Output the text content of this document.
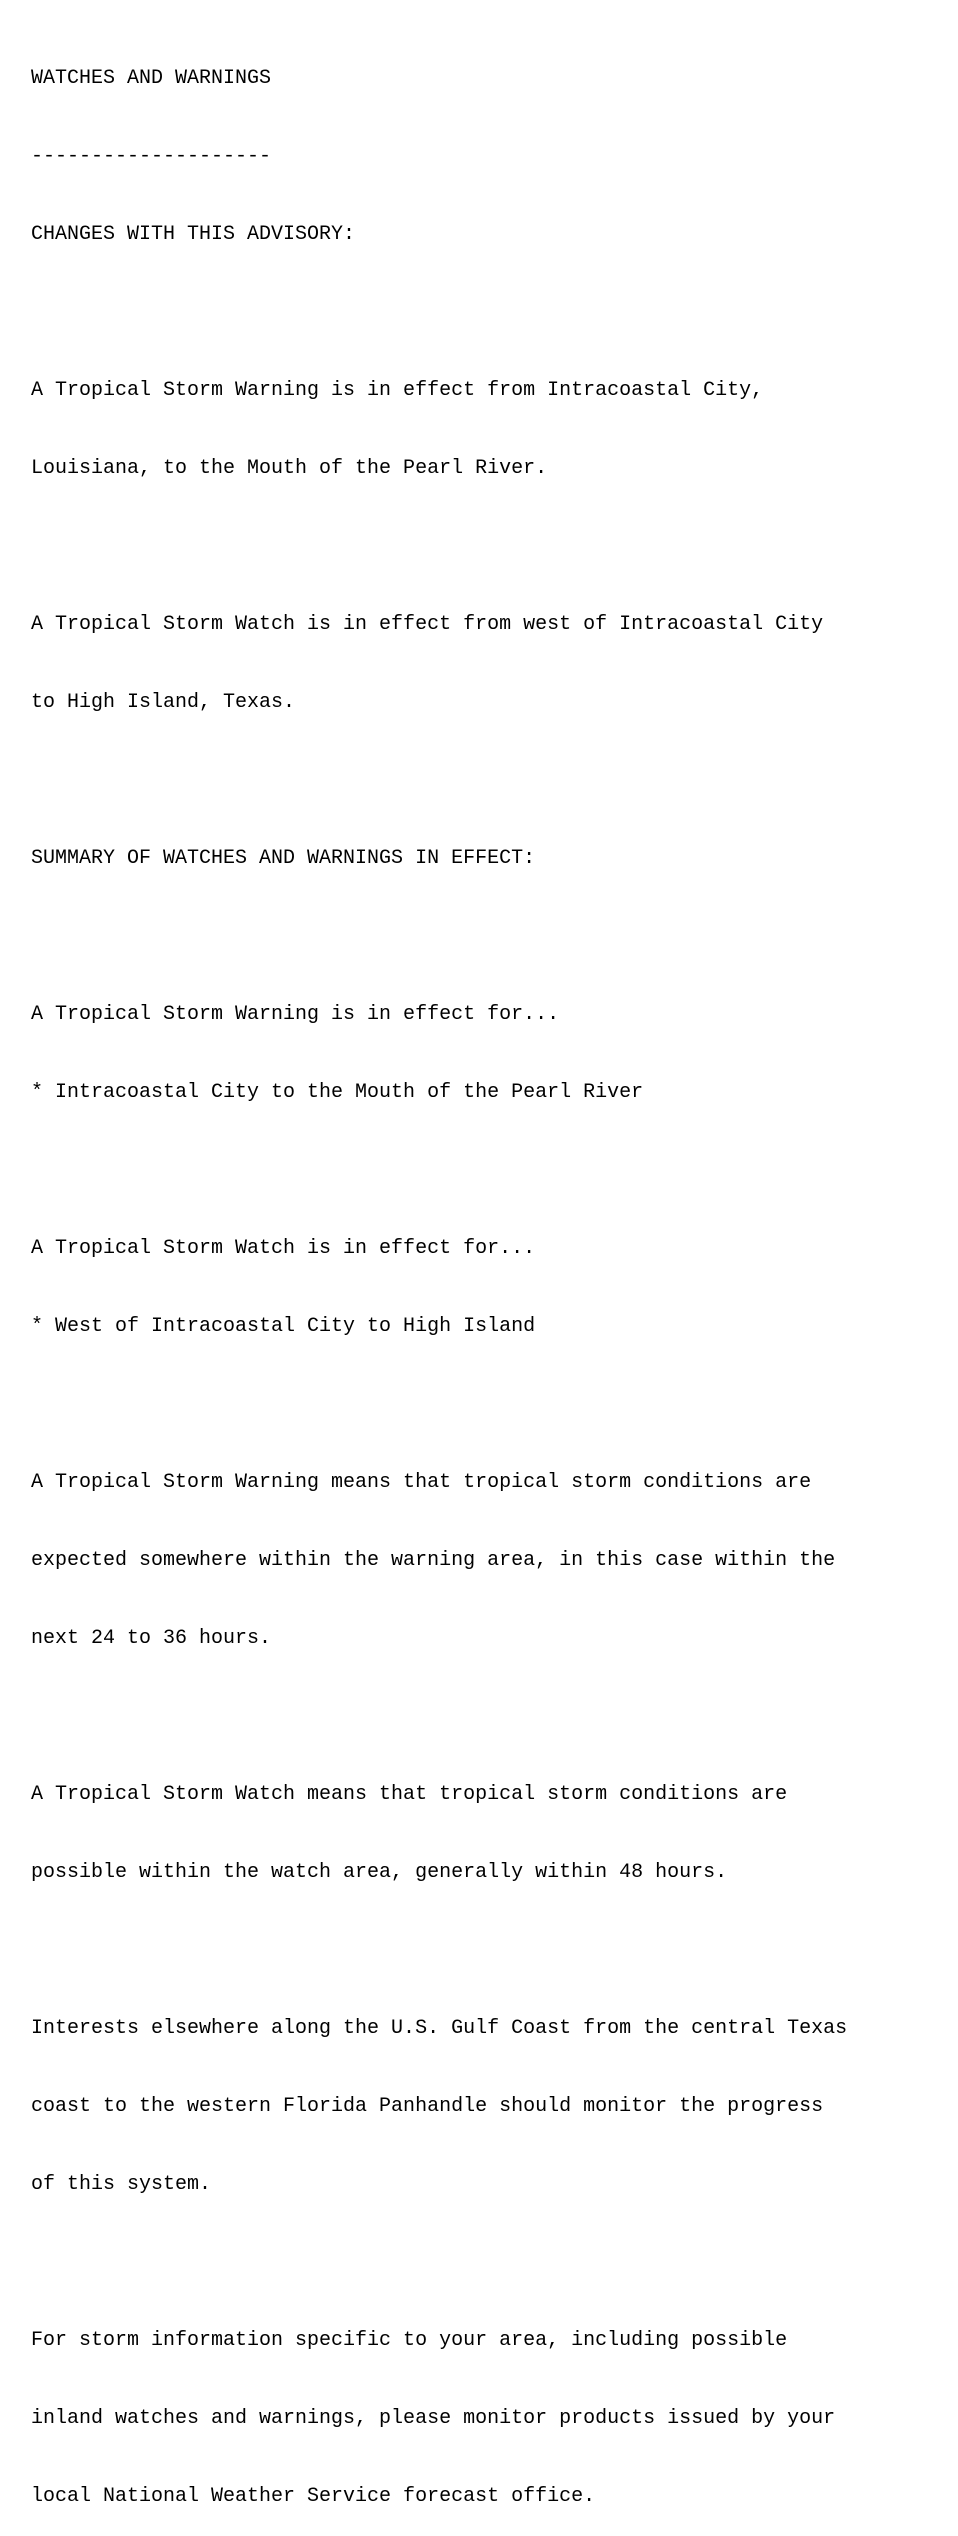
WATCHES AND WARNINGS

--------------------

CHANGES WITH THIS ADVISORY:

A Tropical Storm Warning is in effect from Intracoastal City,

Louisiana, to the Mouth of the Pearl River.

A Tropical Storm Watch is in effect from west of Intracoastal City

to High Island, Texas.

SUMMARY OF WATCHES AND WARNINGS IN EFFECT:

A Tropical Storm Warning is in effect for...

* Intracoastal City to the Mouth of the Pearl River

A Tropical Storm Watch is in effect for...

* West of Intracoastal City to High Island

A Tropical Storm Warning means that tropical storm conditions are

expected somewhere within the warning area, in this case within the

next 24 to 36 hours.

A Tropical Storm Watch means that tropical storm conditions are

possible within the watch area, generally within 48 hours.

Interests elsewhere along the U.S. Gulf Coast from the central Texas

coast to the western Florida Panhandle should monitor the progress

of this system.

For storm information specific to your area, including possible

inland watches and warnings, please monitor products issued by your

local National Weather Service forecast office.
